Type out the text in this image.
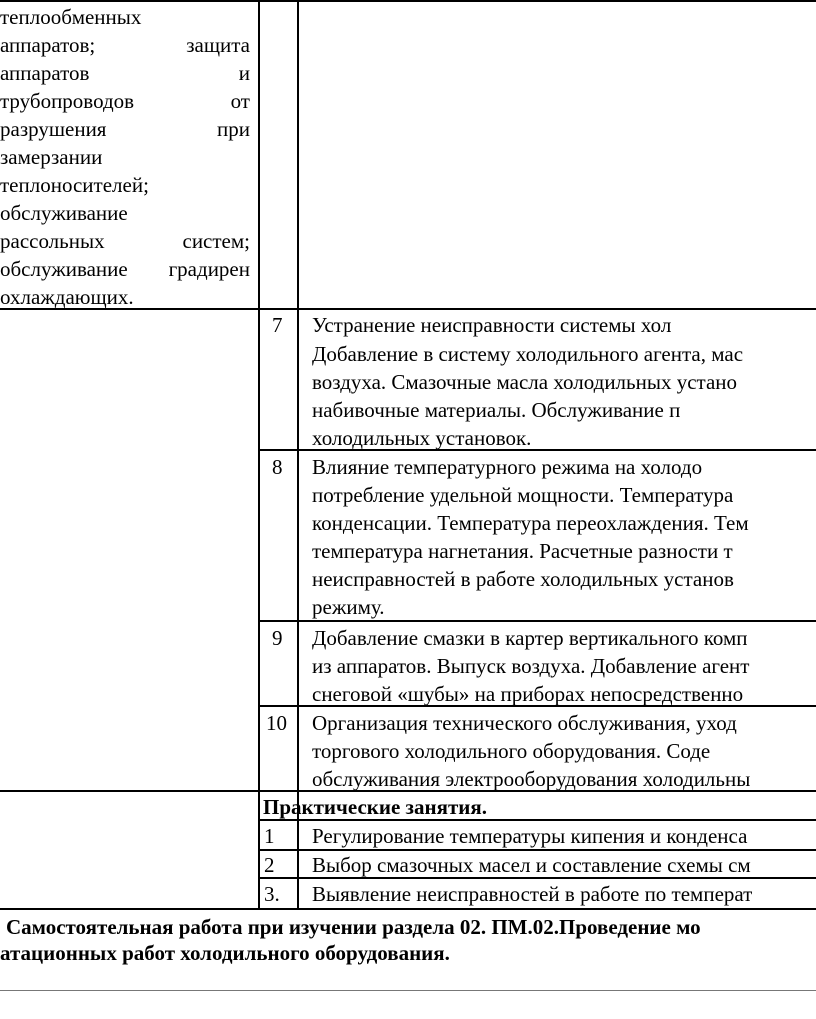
теплообменных
аппаратов; защита
аппаратов и
трубопроводов от
разрушения при
замерзании
теплоносителей;
обслуживание
рассольных систем;
обслуживание градирен
охлаждающих.
7 Устранение неисправности системы хол
Добавление в систему холодильного агента, мас
воздуха. Смазочные масла холодильных устано
набивочные материалы. Обслуживание п
холодильных установок.
8 Влияние температурного режима на холодо
потребление удельной мощности. Температура
конденсации. Температура переохлаждения. Тем
температура нагнетания. Расчетные разности т
неисправностей в работе холодильных установ
режиму.
9 Добавление смазки в картер вертикального комп
из аппаратов. Выпуск воздуха. Добавление агент
снеговой «шубы» на приборах непосредственно
10 Организация технического обслуживания, уход
торгового холодильного оборудования. Соде
обслуживания электрооборудования холодильны
Практические занятия.
1 Регулирование температуры кипения и конденса
2 Выбор смазочных масел и составление схемы см
3. Выявление неисправностей в работе по температ
Самостоятельная работа при изучении раздела 02. ПМ.02.Проведение мо
атационных работ холодильного оборудования.
